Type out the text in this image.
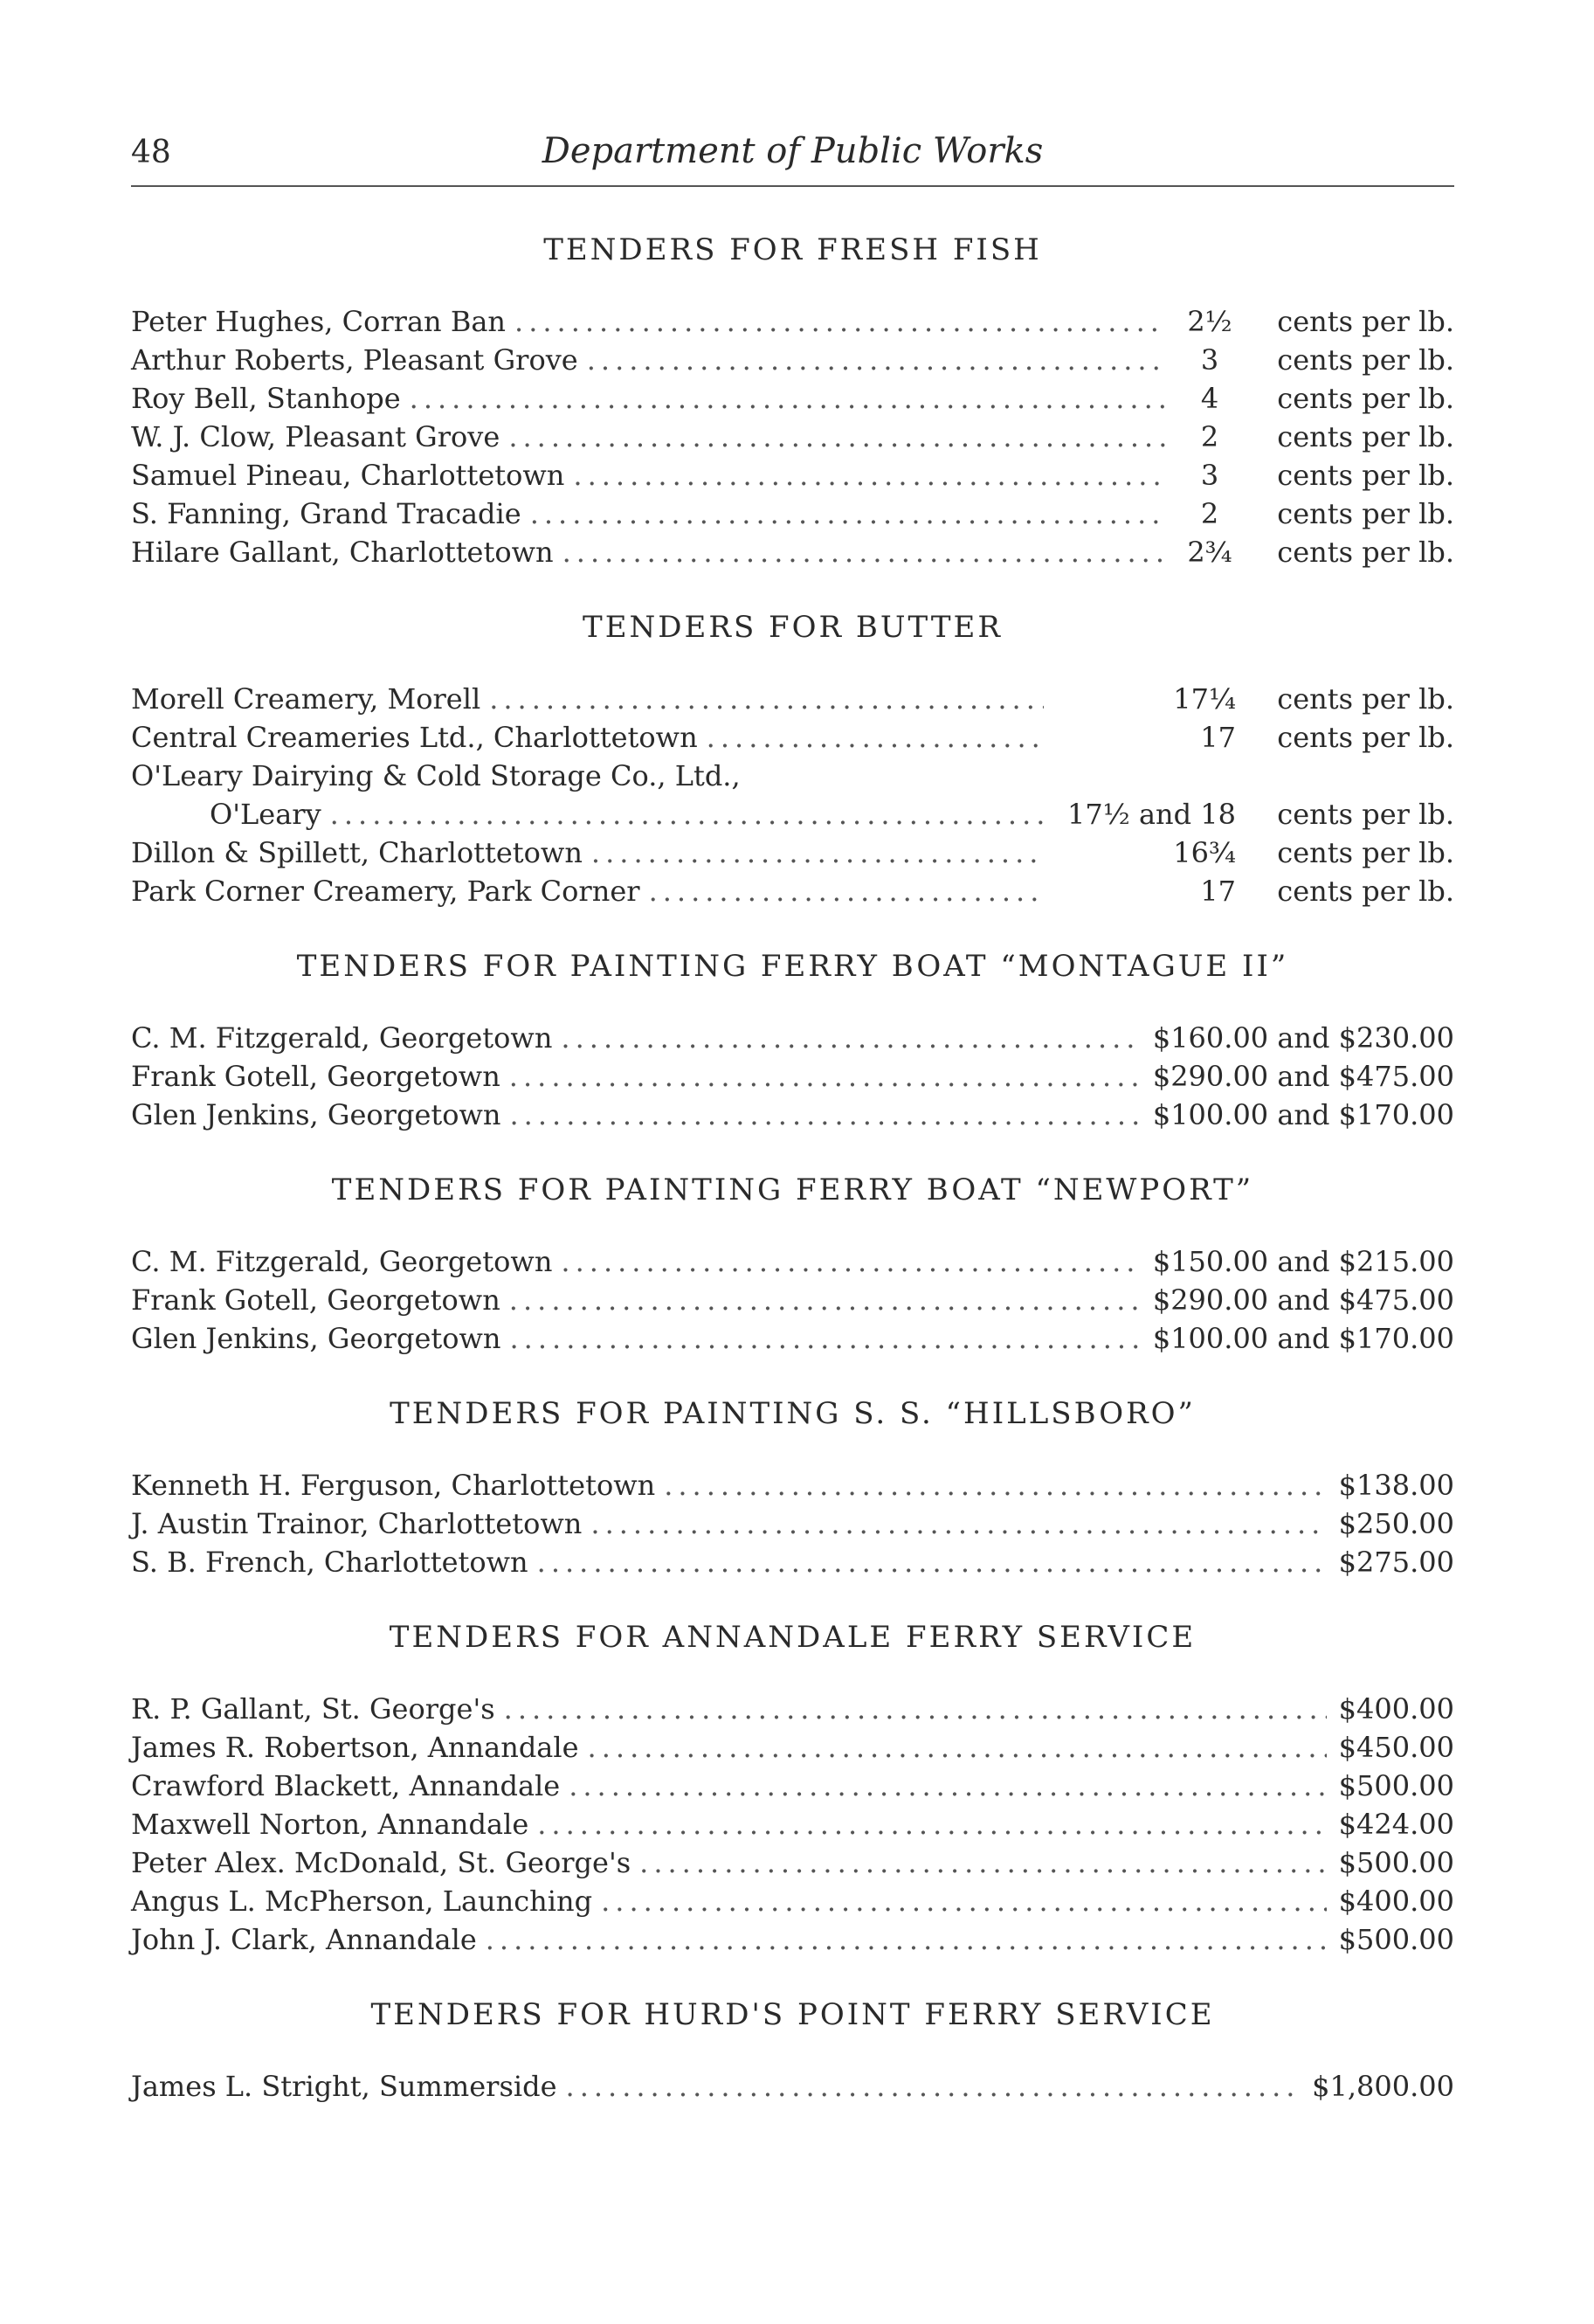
48	Department of Public Works
TENDERS FOR FRESH FISH
Peter Hughes, Corran Ban .....	2½	cents per lb.
Arthur Roberts, Pleasant Grove .....	3	cents per lb.
Roy Bell, Stanhope .....	4	cents per lb.
W. J. Clow, Pleasant Grove .....	2	cents per lb.
Samuel Pineau, Charlottetown .....	3	cents per lb.
S. Fanning, Grand Tracadie .....	2	cents per lb.
Hilare Gallant, Charlottetown .....	2¾	cents per lb.
TENDERS FOR BUTTER
Morell Creamery, Morell .....	17¼	cents per lb.
Central Creameries Ltd., Charlottetown .....	17	cents per lb.
O'Leary Dairying & Cold Storage Co., Ltd.,
O'Leary .....	17½ and 18	cents per lb.
Dillon & Spillett, Charlottetown .....	16¾	cents per lb.
Park Corner Creamery, Park Corner .....	17	cents per lb.
TENDERS FOR PAINTING FERRY BOAT “MONTAGUE II”
C. M. Fitzgerald, Georgetown .....	$160.00 and $230.00
Frank Gotell, Georgetown .....	$290.00 and $475.00
Glen Jenkins, Georgetown .....	$100.00 and $170.00
TENDERS FOR PAINTING FERRY BOAT “NEWPORT”
C. M. Fitzgerald, Georgetown .....	$150.00 and $215.00
Frank Gotell, Georgetown .....	$290.00 and $475.00
Glen Jenkins, Georgetown .....	$100.00 and $170.00
TENDERS FOR PAINTING S. S. “HILLSBORO”
Kenneth H. Ferguson, Charlottetown .....	$138.00
J. Austin Trainor, Charlottetown .....	$250.00
S. B. French, Charlottetown .....	$275.00
TENDERS FOR ANNANDALE FERRY SERVICE
R. P. Gallant, St. George's .....	$400.00
James R. Robertson, Annandale .....	$450.00
Crawford Blackett, Annandale .....	$500.00
Maxwell Norton, Annandale .....	$424.00
Peter Alex. McDonald, St. George's .....	$500.00
Angus L. McPherson, Launching .....	$400.00
John J. Clark, Annandale .....	$500.00
TENDERS FOR HURD'S POINT FERRY SERVICE
James L. Stright, Summerside .....	$1,800.00
